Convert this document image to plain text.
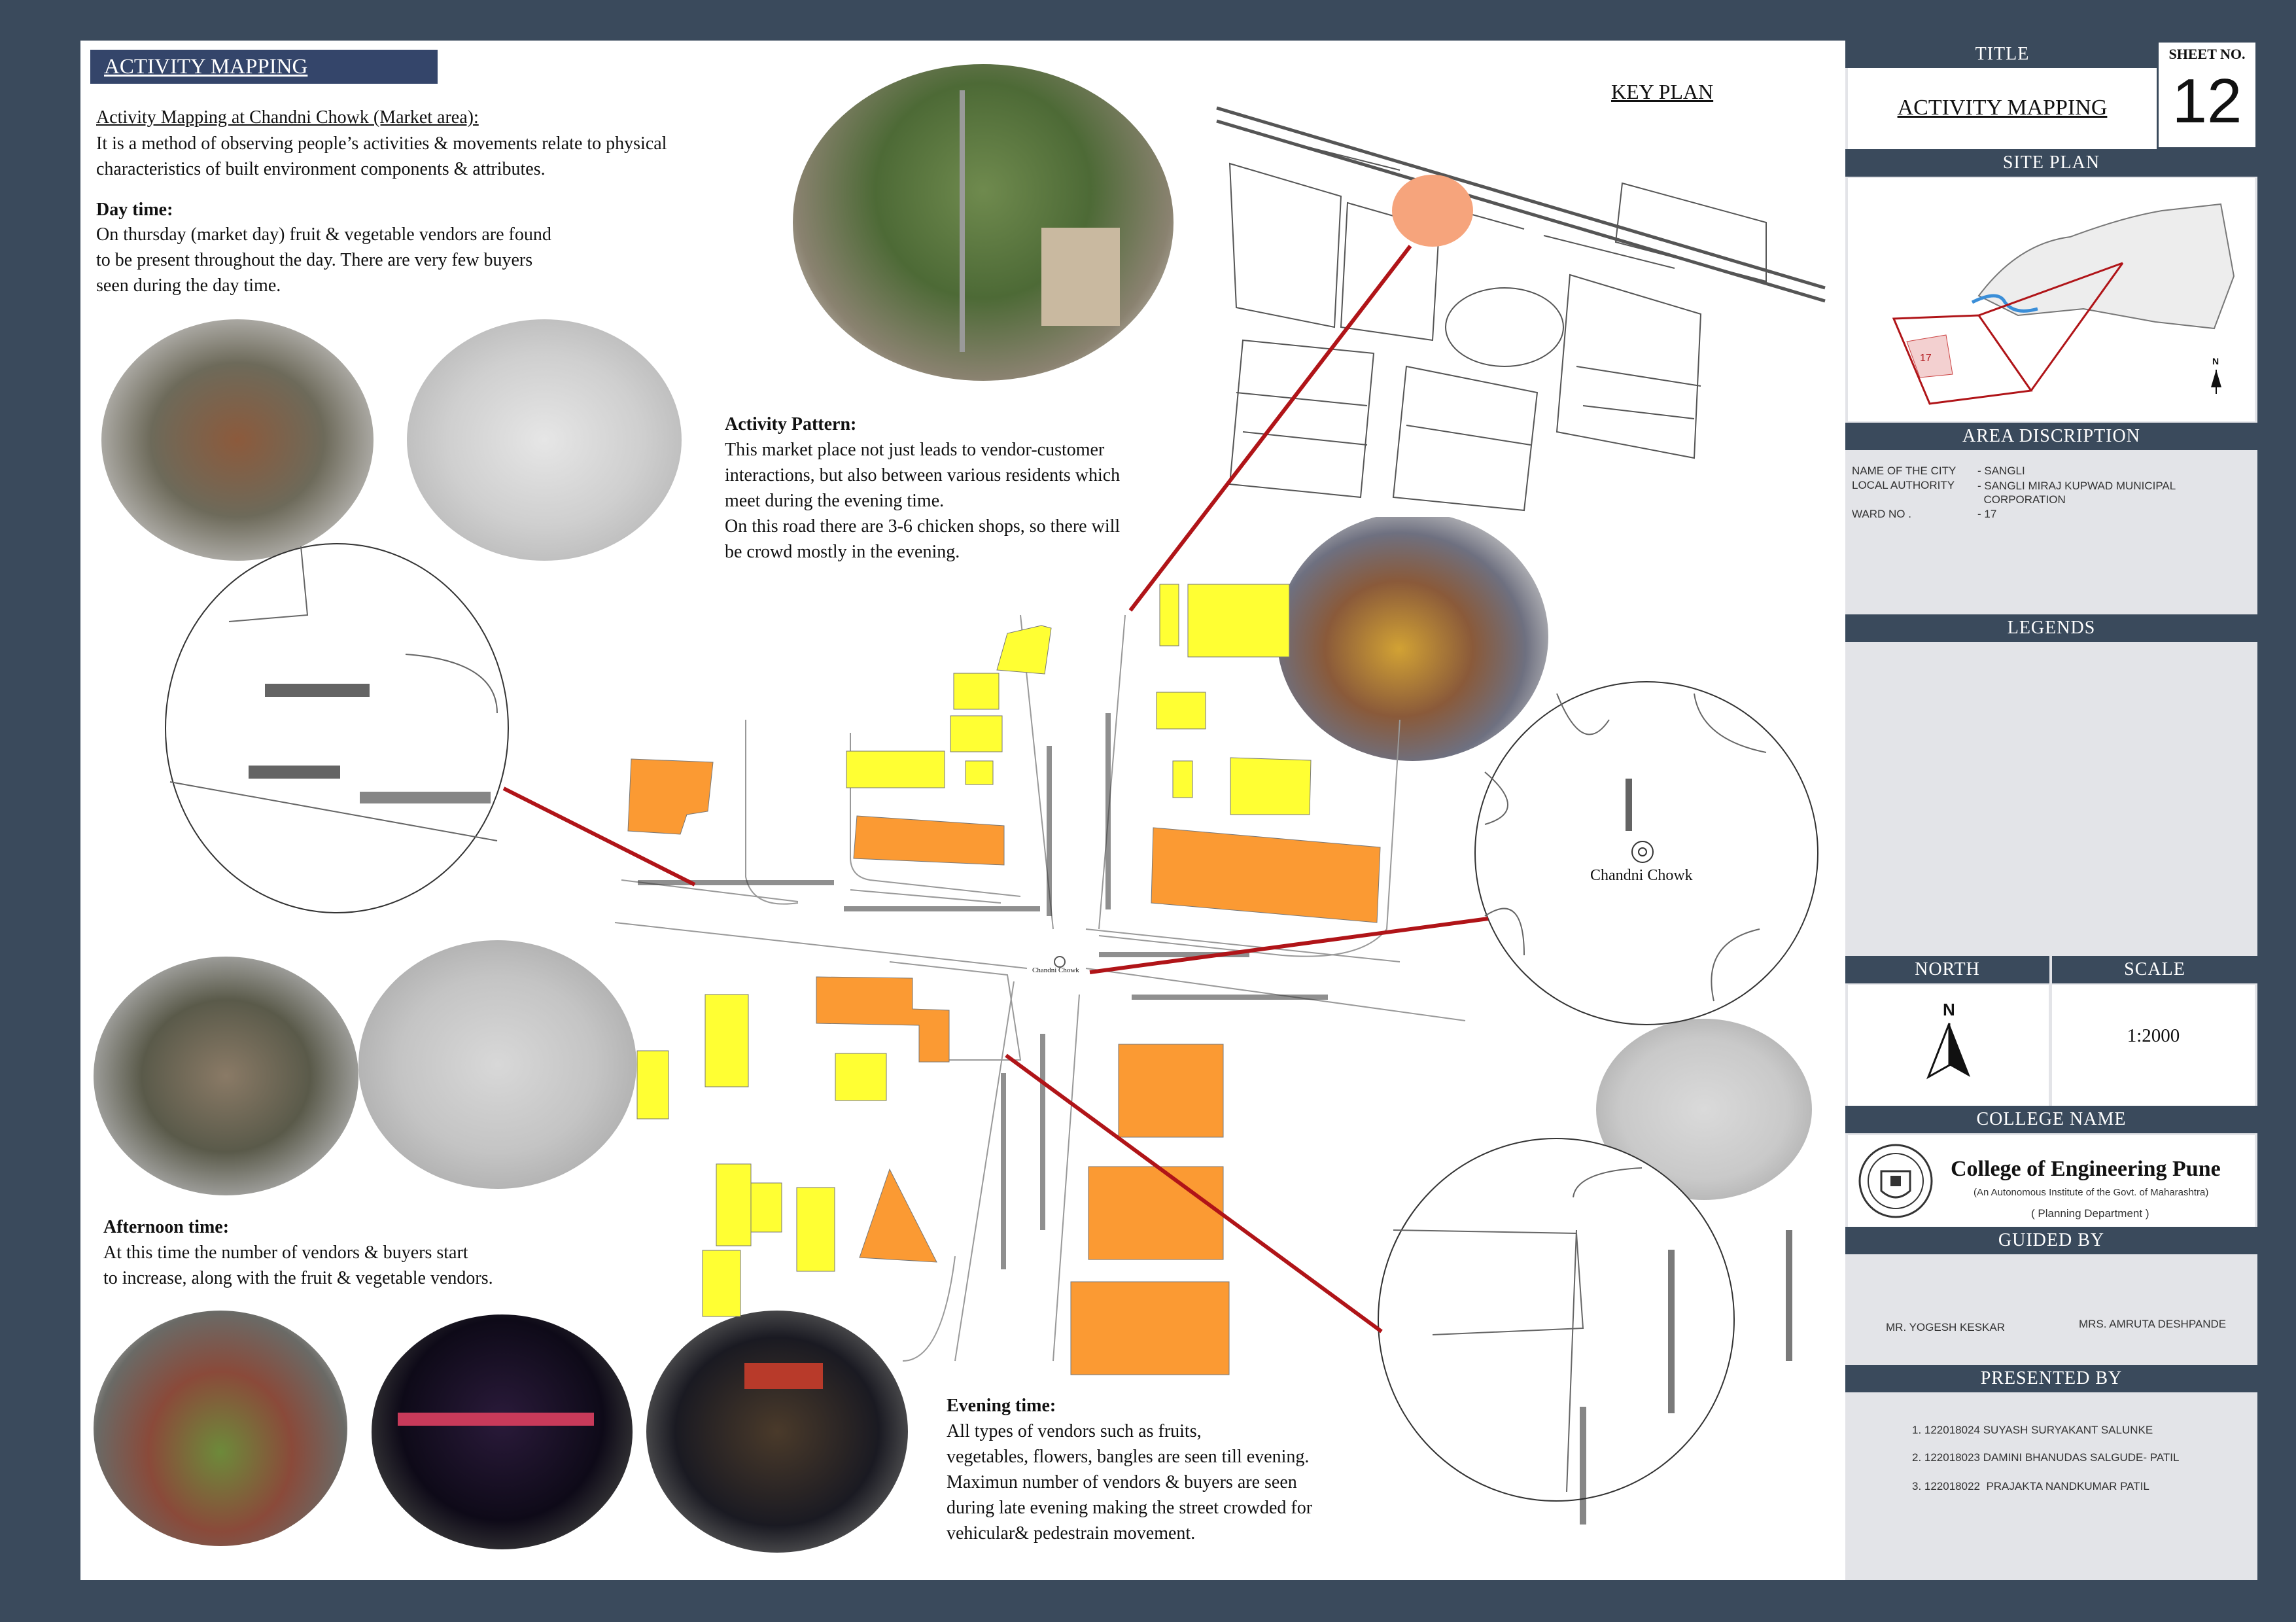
ACTIVITY MAPPING
Activity Mapping at Chandni Chowk (Market area):
It is a method of observing people’s activities & movements relate to physical
characteristics of built environment components & attributes.
Day time:
On thursday (market day) fruit & vegetable vendors are found
to be present throughout the day. There are very few buyers
seen during the day time.
Activity Pattern:
This market place not just leads to vendor-customer
interactions, but also between various residents which
meet during the evening time.
On this road there are 3-6 chicken shops, so there will
be crowd mostly in the evening.
Afternoon time:
At this time the number of vendors & buyers start
to increase, along with the fruit & vegetable vendors.
Evening time:
All types of vendors such as fruits,
vegetables, flowers, bangles are seen till evening.
Maximun number of vendors & buyers are seen
during late evening making the street crowded for
vehicular& pedestrain movement.
KEY PLAN
Chandni Chowk
Chandni Chowk
TITLE
ACTIVITY MAPPING
SHEET NO.
12
SITE PLAN
17	N
AREA DISCRIPTION
NAME OF THE CITY - SANGLI
LOCAL AUTHORITY - SANGLI MIRAJ KUPWAD MUNICIPAL
CORPORATION
WARD NO .	- 17
LEGENDS
NORTH	SCALE
N
1:2000
COLLEGE NAME
College of Engineering Pune
(An Autonomous Institute of the Govt. of Maharashtra)
( Planning Department )
GUIDED BY
MR. YOGESH KESKAR	MRS. AMRUTA DESHPANDE
PRESENTED BY
1. 122018024 SUYASH SURYAKANT SALUNKE
2. 122018023 DAMINI BHANUDAS SALGUDE- PATIL
3. 122018022  PRAJAKTA NANDKUMAR PATIL
